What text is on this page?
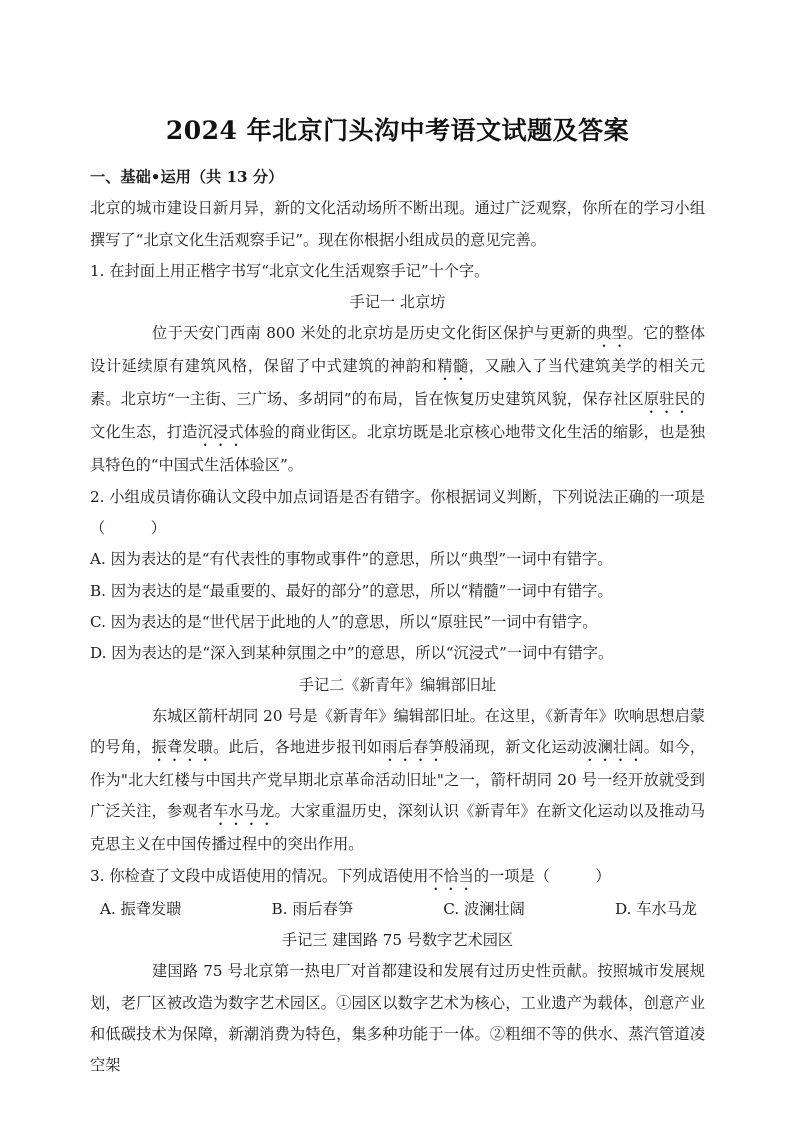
2024 年北京门头沟中考语文试题及答案
一、基础•运用（共 13 分）
北京的城市建设日新月异，新的文化活动场所不断出现。通过广泛观察，你所在的学习小组撰写了“北京文化生活观察手记”。现在你根据小组成员的意见完善。
1. 在封面上用正楷字书写“北京文化生活观察手记”十个字。
手记一 北京坊
位于天安门西南 800 米处的北京坊是历史文化街区保护与更新的典型。它的整体设计延续原有建筑风格，保留了中式建筑的神韵和精髓，又融入了当代建筑美学的相关元素。北京坊“一主街、三广场、多胡同”的布局，旨在恢复历史建筑风貌，保存社区原驻民的文化生态，打造沉浸式体验的商业街区。北京坊既是北京核心地带文化生活的缩影，也是独具特色的“中国式生活体验区”。
2. 小组成员请你确认文段中加点词语是否有错字。你根据词义判断，下列说法正确的一项是（　　　）
A. 因为表达的是“有代表性的事物或事件”的意思，所以“典型”一词中有错字。
B. 因为表达的是“最重要的、最好的部分”的意思，所以“精髓”一词中有错字。
C. 因为表达的是“世代居于此地的人”的意思，所以“原驻民”一词中有错字。
D. 因为表达的是“深入到某种氛围之中”的意思，所以“沉浸式”一词中有错字。
手记二《新青年》编辑部旧址
东城区箭杆胡同 20 号是《新青年》编辑部旧址。在这里，《新青年》吹响思想启蒙的号角，振聋发聩。此后，各地进步报刊如雨后春笋般涌现，新文化运动波澜壮阔。如今，作为"北大红楼与中国共产党早期北京革命活动旧址"之一，箭杆胡同 20 号一经开放就受到广泛关注，参观者车水马龙。大家重温历史，深刻认识《新青年》在新文化运动以及推动马克思主义在中国传播过程中的突出作用。
3. 你检查了文段中成语使用的情况。下列成语使用不恰当的一项是（　　　）
A. 振聋发聩	B. 雨后春笋	C. 波澜壮阔	D. 车水马龙
手记三 建国路 75 号数字艺术园区
建国路 75 号北京第一热电厂对首都建设和发展有过历史性贡献。按照城市发展规划，老厂区被改造为数字艺术园区。①园区以数字艺术为核心，工业遗产为载体，创意产业和低碳技术为保障，新潮消费为特色，集多种功能于一体。②粗细不等的供水、蒸汽管道凌空架
